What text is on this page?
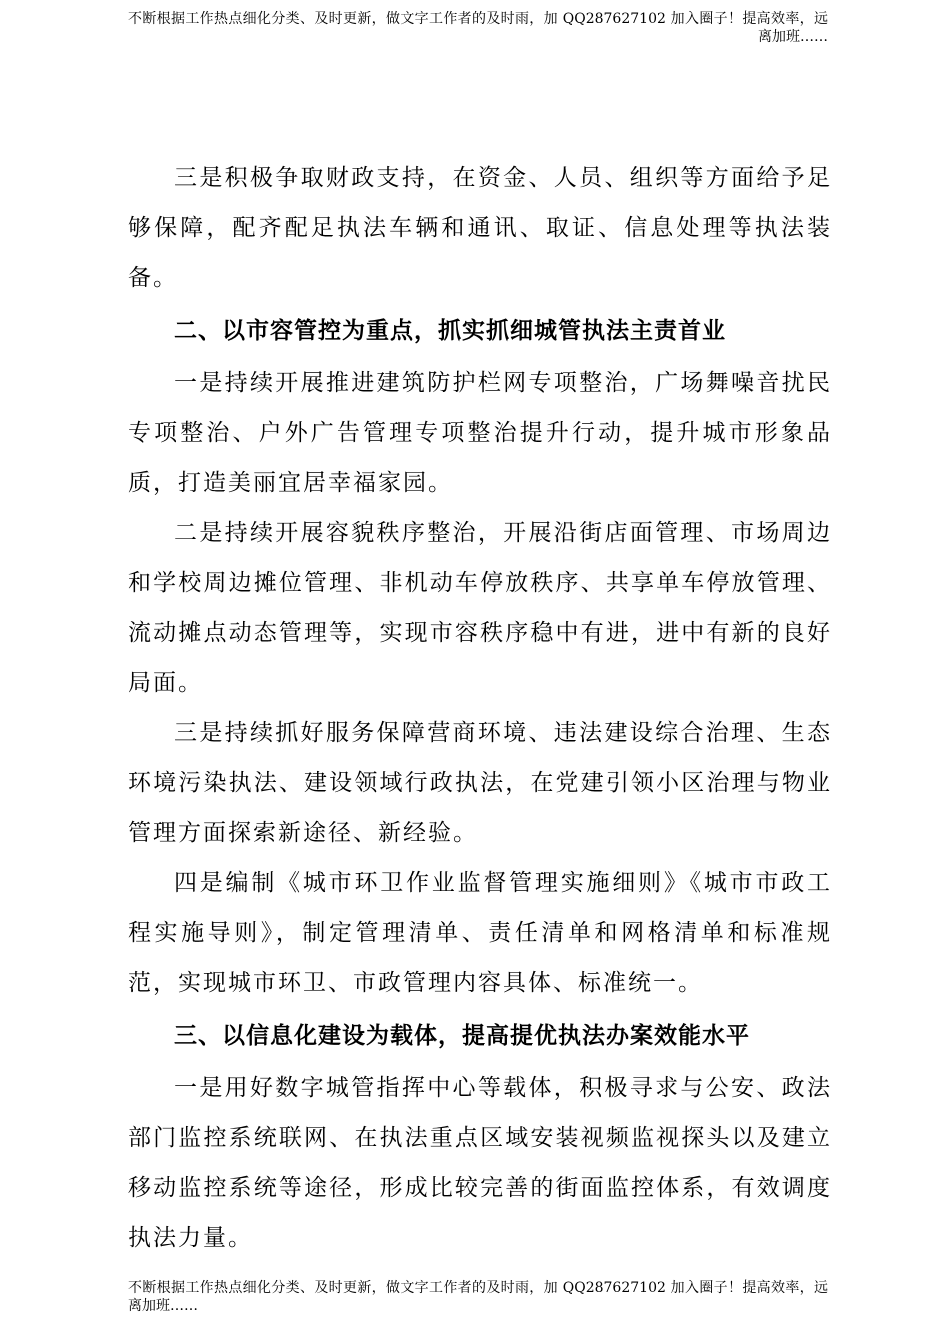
不断根据工作热点细化分类、及时更新，做文字工作者的及时雨，加 QQ287627102 加入圈子！提高效率，远离加班……

三是积极争取财政支持，在资金、人员、组织等方面给予足够保障，配齐配足执法车辆和通讯、取证、信息处理等执法装备。

二、以市容管控为重点，抓实抓细城管执法主责首业

一是持续开展推进建筑防护栏网专项整治，广场舞噪音扰民专项整治、户外广告管理专项整治提升行动，提升城市形象品质，打造美丽宜居幸福家园。

二是持续开展容貌秩序整治，开展沿街店面管理、市场周边和学校周边摊位管理、非机动车停放秩序、共享单车停放管理、流动摊点动态管理等，实现市容秩序稳中有进，进中有新的良好局面。

三是持续抓好服务保障营商环境、违法建设综合治理、生态环境污染执法、建设领域行政执法，在党建引领小区治理与物业管理方面探索新途径、新经验。

四是编制《城市环卫作业监督管理实施细则》《城市市政工程实施导则》，制定管理清单、责任清单和网格清单和标准规范，实现城市环卫、市政管理内容具体、标准统一。

三、以信息化建设为载体，提高提优执法办案效能水平

一是用好数字城管指挥中心等载体，积极寻求与公安、政法部门监控系统联网、在执法重点区域安装视频监视探头以及建立移动监控系统等途径，形成比较完善的街面监控体系，有效调度执法力量。

不断根据工作热点细化分类、及时更新，做文字工作者的及时雨，加 QQ287627102 加入圈子！提高效率，远离加班……
